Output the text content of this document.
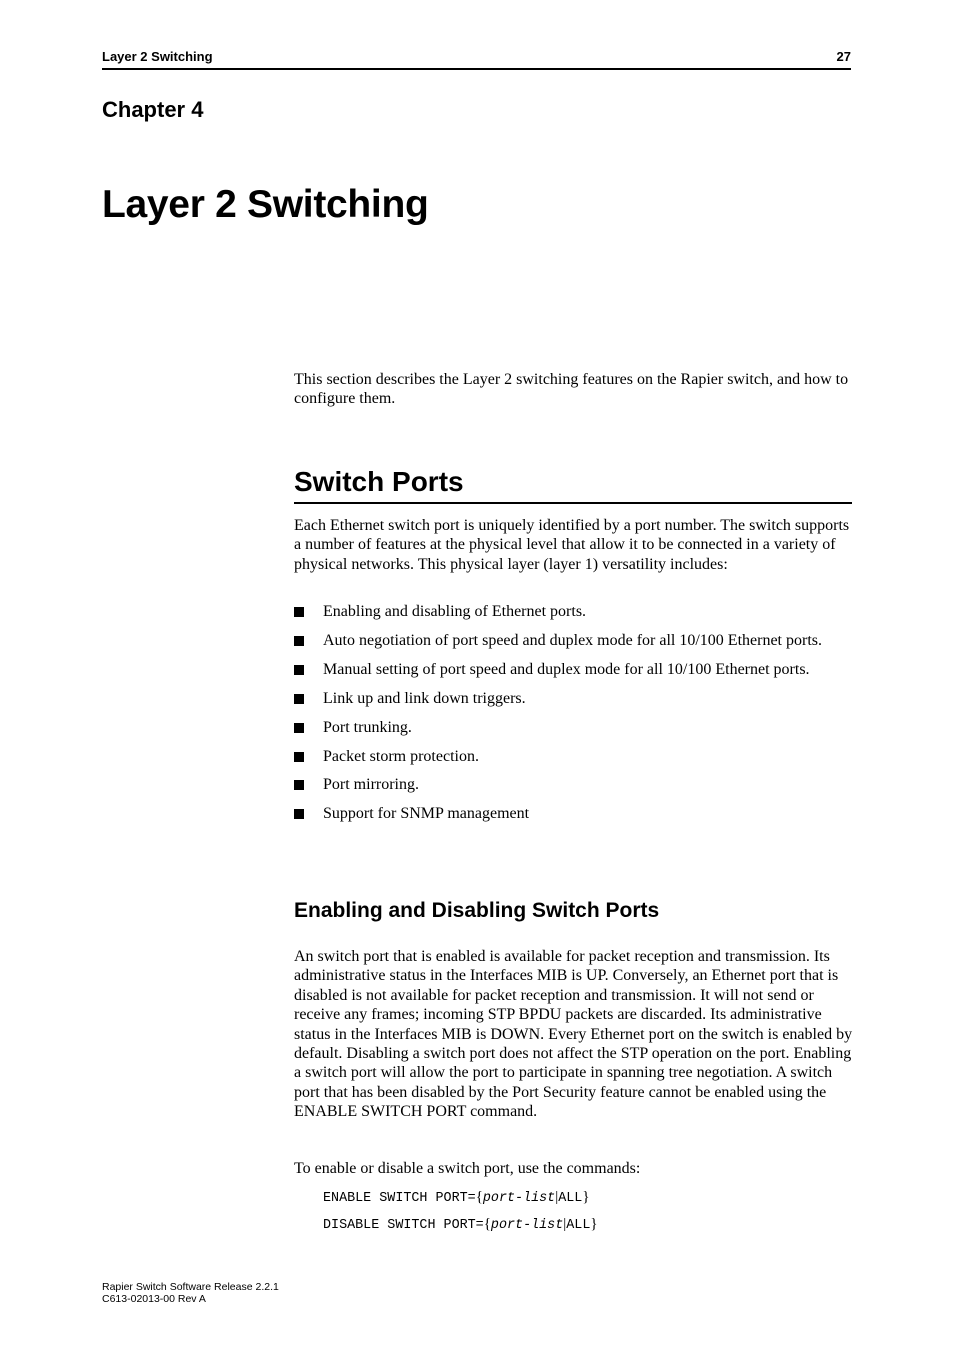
Layer 2 Switching	27
Chapter 4
Layer 2 Switching
This section describes the Layer 2 switching features on the Rapier switch, and how to configure them.
Switch Ports
Each Ethernet switch port is uniquely identified by a port number. The switch supports a number of features at the physical level that allow it to be connected in a variety of physical networks. This physical layer (layer 1) versatility includes:
Enabling and disabling of Ethernet ports.
Auto negotiation of port speed and duplex mode for all 10/100 Ethernet ports.
Manual setting of port speed and duplex mode for all 10/100 Ethernet ports.
Link up and link down triggers.
Port trunking.
Packet storm protection.
Port mirroring.
Support for SNMP management
Enabling and Disabling Switch Ports
An switch port that is enabled is available for packet reception and transmission. Its administrative status in the Interfaces MIB is UP. Conversely, an Ethernet port that is disabled is not available for packet reception and transmission. It will not send or receive any frames; incoming STP BPDU packets are discarded. Its administrative status in the Interfaces MIB is DOWN. Every Ethernet port on the switch is enabled by default. Disabling a switch port does not affect the STP operation on the port. Enabling a switch port will allow the port to participate in spanning tree negotiation. A switch port that has been disabled by the Port Security feature cannot be enabled using the ENABLE SWITCH PORT command.
To enable or disable a switch port, use the commands:
ENABLE SWITCH PORT={port-list|ALL}
DISABLE SWITCH PORT={port-list|ALL}
Rapier Switch Software Release 2.2.1
C613-02013-00 Rev A
